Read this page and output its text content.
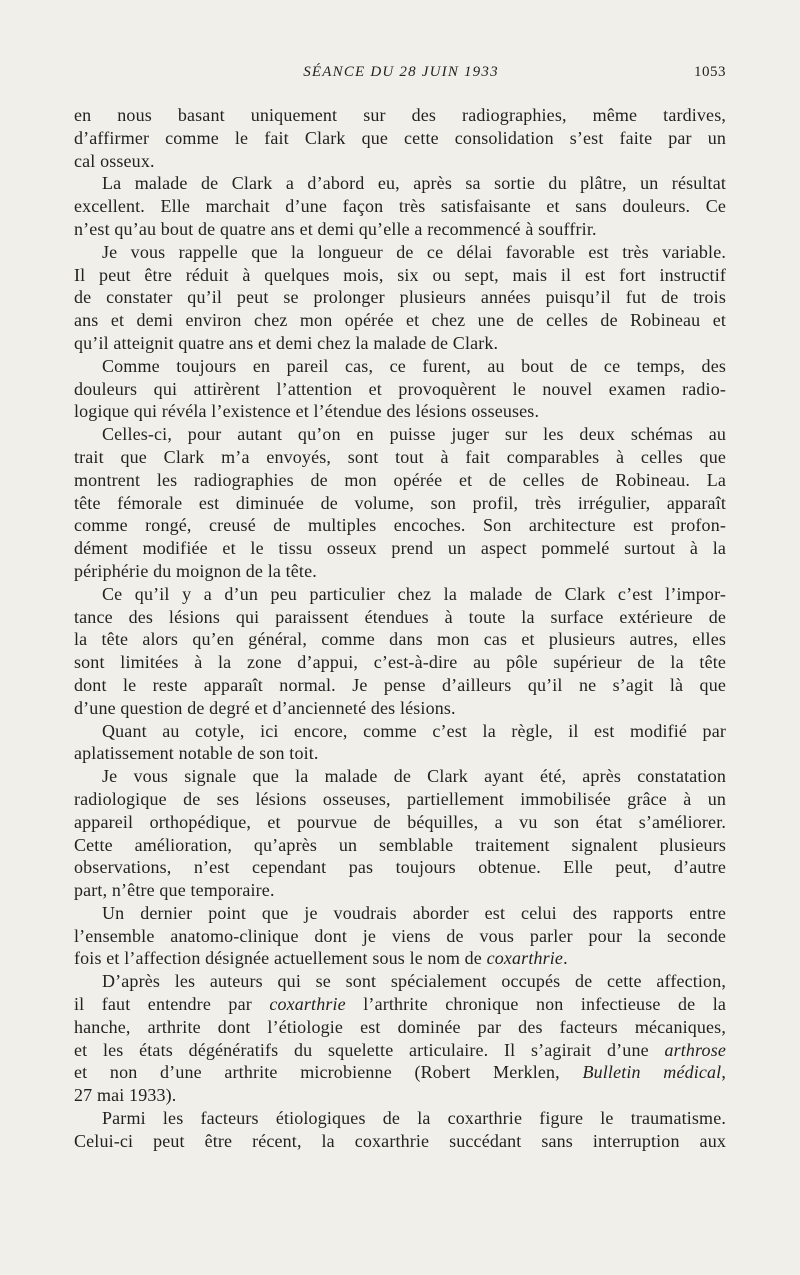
SÉANCE DU 28 JUIN 1933	1053
en nous basant uniquement sur des radiographies, même tardives,
d’affirmer comme le fait Clark que cette consolidation s’est faite par un
cal osseux.
La malade de Clark a d’abord eu, après sa sortie du plâtre, un résultat
excellent. Elle marchait d’une façon très satisfaisante et sans douleurs. Ce
n’est qu’au bout de quatre ans et demi qu’elle a recommencé à souffrir.
Je vous rappelle que la longueur de ce délai favorable est très variable.
Il peut être réduit à quelques mois, six ou sept, mais il est fort instructif
de constater qu’il peut se prolonger plusieurs années puisqu’il fut de trois
ans et demi environ chez mon opérée et chez une de celles de Robineau et
qu’il atteignit quatre ans et demi chez la malade de Clark.
Comme toujours en pareil cas, ce furent, au bout de ce temps, des
douleurs qui attirèrent l’attention et provoquèrent le nouvel examen radio-
logique qui révéla l’existence et l’étendue des lésions osseuses.
Celles-ci, pour autant qu’on en puisse juger sur les deux schémas au
trait que Clark m’a envoyés, sont tout à fait comparables à celles que
montrent les radiographies de mon opérée et de celles de Robineau. La
tête fémorale est diminuée de volume, son profil, très irrégulier, apparaît
comme rongé, creusé de multiples encoches. Son architecture est profon-
dément modifiée et le tissu osseux prend un aspect pommelé surtout à la
périphérie du moignon de la tête.
Ce qu’il y a d’un peu particulier chez la malade de Clark c’est l’impor-
tance des lésions qui paraissent étendues à toute la surface extérieure de
la tête alors qu’en général, comme dans mon cas et plusieurs autres, elles
sont limitées à la zone d’appui, c’est-à-dire au pôle supérieur de la tête
dont le reste apparaît normal. Je pense d’ailleurs qu’il ne s’agit là que
d’une question de degré et d’ancienneté des lésions.
Quant au cotyle, ici encore, comme c’est la règle, il est modifié par
aplatissement notable de son toit.
Je vous signale que la malade de Clark ayant été, après constatation
radiologique de ses lésions osseuses, partiellement immobilisée grâce à un
appareil orthopédique, et pourvue de béquilles, a vu son état s’améliorer.
Cette amélioration, qu’après un semblable traitement signalent plusieurs
observations, n’est cependant pas toujours obtenue. Elle peut, d’autre
part, n’être que temporaire.
Un dernier point que je voudrais aborder est celui des rapports entre
l’ensemble anatomo-clinique dont je viens de vous parler pour la seconde
fois et l’affection désignée actuellement sous le nom de coxarthrie.
D’après les auteurs qui se sont spécialement occupés de cette affection,
il faut entendre par coxarthrie l’arthrite chronique non infectieuse de la
hanche, arthrite dont l’étiologie est dominée par des facteurs mécaniques,
et les états dégénératifs du squelette articulaire. Il s’agirait d’une arthrose
et non d’une arthrite microbienne (Robert Merklen, Bulletin médical,
27 mai 1933).
Parmi les facteurs étiologiques de la coxarthrie figure le traumatisme.
Celui-ci peut être récent, la coxarthrie succédant sans interruption aux
